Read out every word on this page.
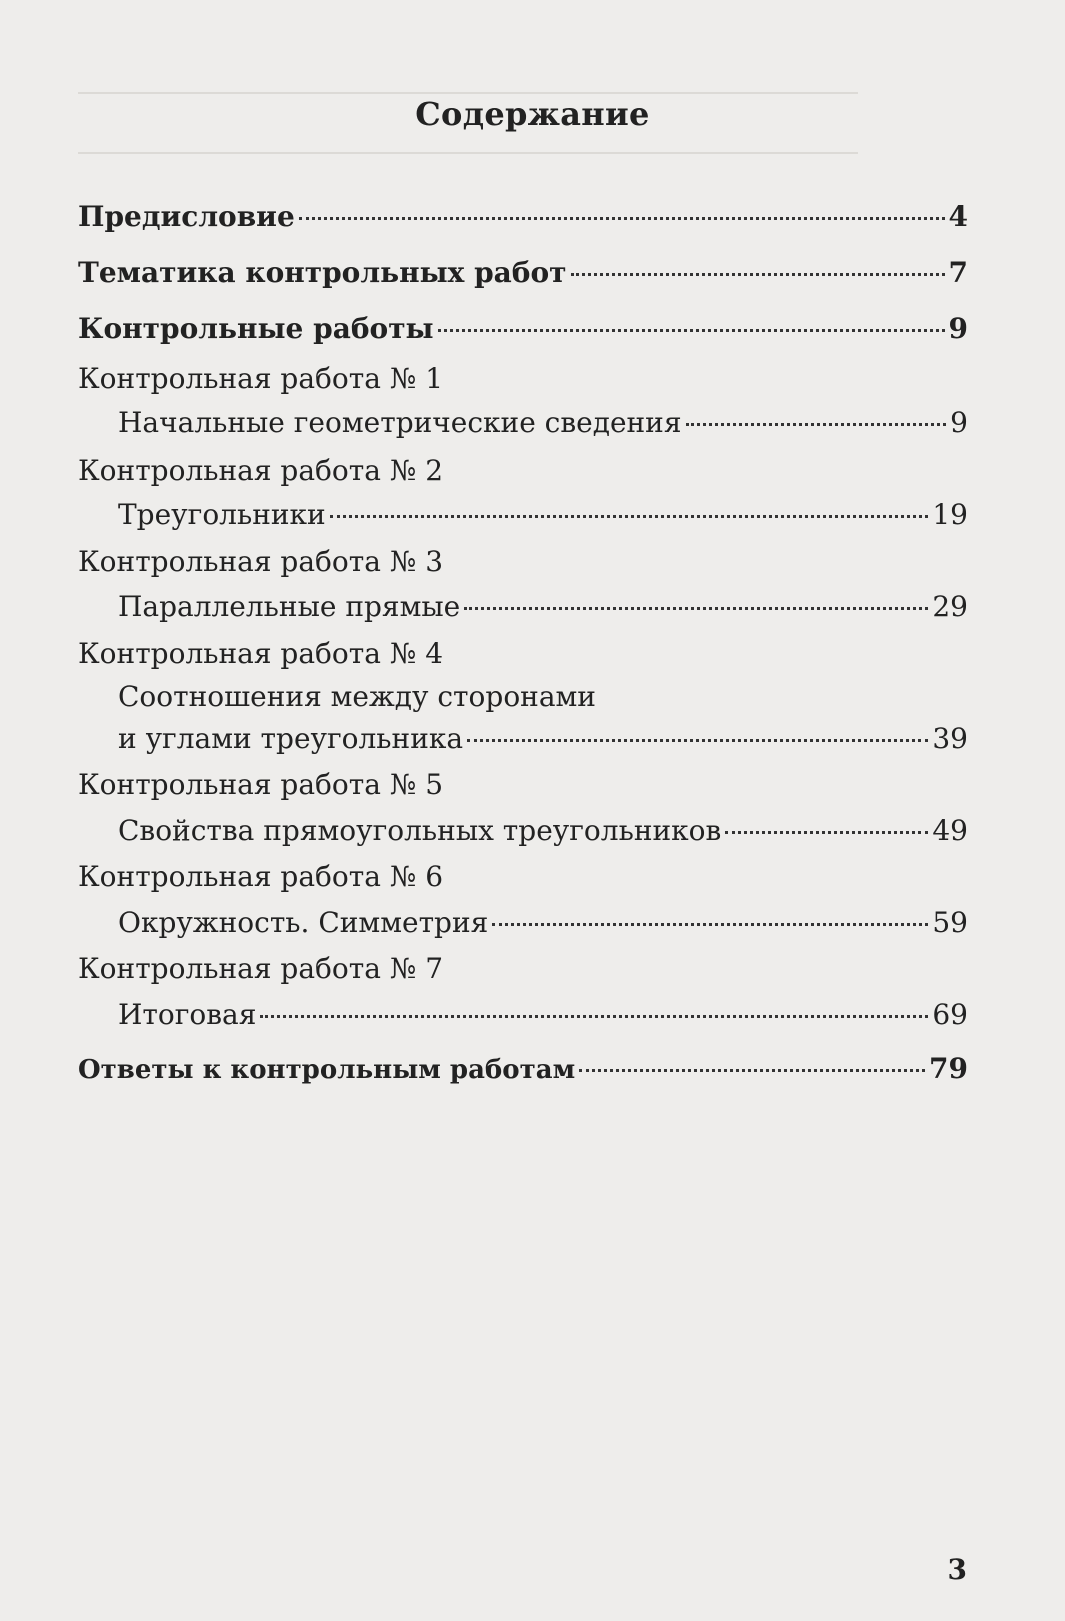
Содержание
Предисловие	4
Тематика контрольных работ	7
Контрольные работы	9
Контрольная работа № 1
Начальные геометрические сведения	9
Контрольная работа № 2
Треугольники	19
Контрольная работа № 3
Параллельные прямые	29
Контрольная работа № 4
Соотношения между сторонами
и углами треугольника	39
Контрольная работа № 5
Свойства прямоугольных треугольников	49
Контрольная работа № 6
Окружность. Симметрия	59
Контрольная работа № 7
Итоговая	69
Ответы к контрольным работам	79
3
